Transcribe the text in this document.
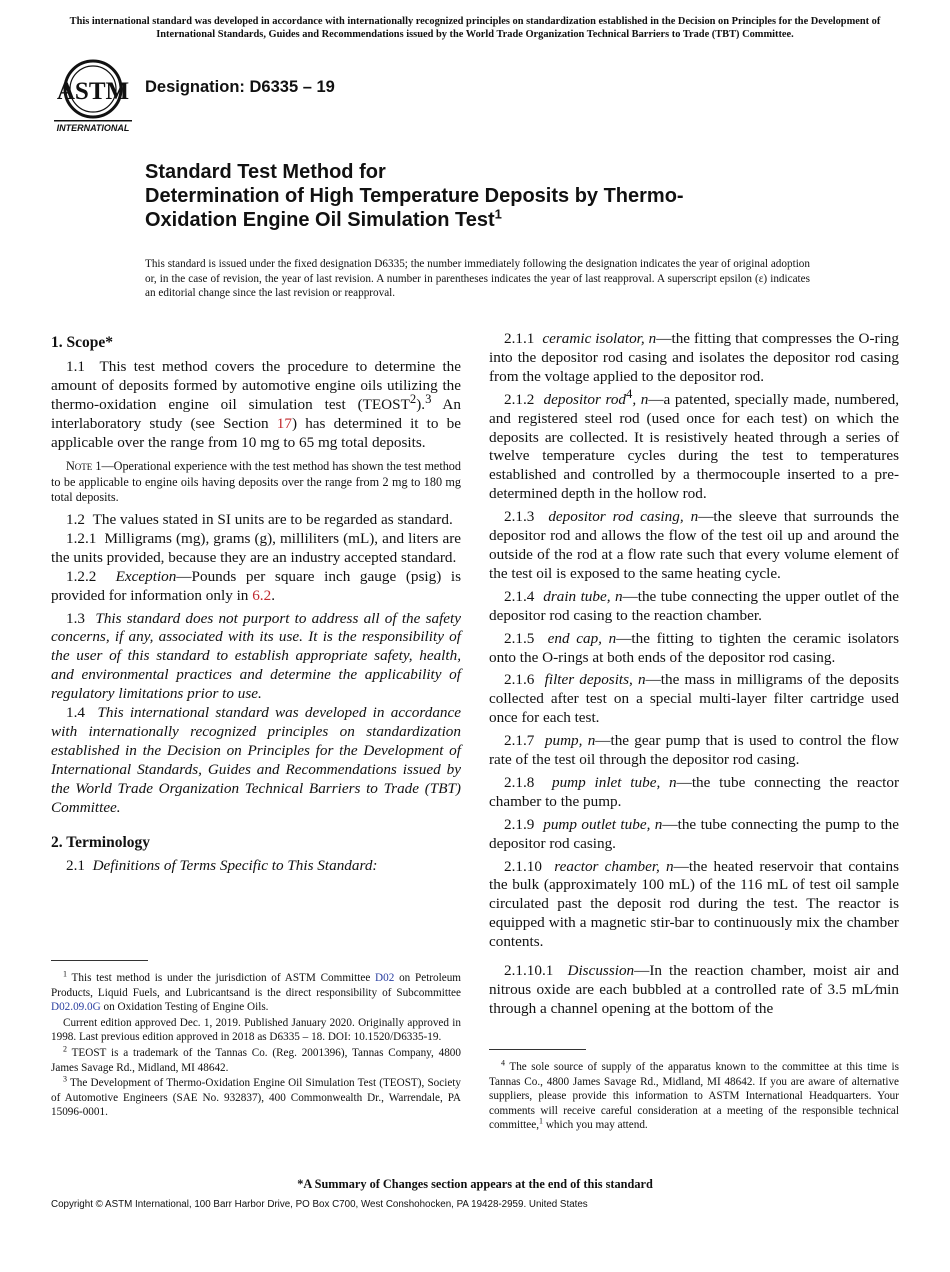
This international standard was developed in accordance with internationally recognized principles on standardization established in the Decision on Principles for the Development of International Standards, Guides and Recommendations issued by the World Trade Organization Technical Barriers to Trade (TBT) Committee.
ASTM
INTERNATIONAL
Designation: D6335 – 19
Standard Test Method for
Determination of High Temperature Deposits by Thermo-
Oxidation Engine Oil Simulation Test$^1$
This standard is issued under the fixed designation D6335; the number immediately following the designation indicates the year of original adoption or, in the case of revision, the year of last revision. A number in parentheses indicates the year of last reapproval. A superscript epsilon (ε) indicates an editorial change since the last revision or reapproval.
1. Scope*

1.1 This test method covers the procedure to determine the amount of deposits formed by automotive engine oils utilizing the thermo-oxidation engine oil simulation test (TEOST$^2$).$^3$ An interlaboratory study (see Section 17) has determined it to be applicable over the range from 10 mg to 65 mg total deposits.

Note 1—Operational experience with the test method has shown the test method to be applicable to engine oils having deposits over the range from 2 mg to 180 mg total deposits.

1.2 The values stated in SI units are to be regarded as standard.

1.2.1 Milligrams (mg), grams (g), milliliters (mL), and liters are the units provided, because they are an industry accepted standard.

1.2.2 Exception—Pounds per square inch gauge (psig) is provided for information only in 6.2.

1.3 This standard does not purport to address all of the safety concerns, if any, associated with its use. It is the responsibility of the user of this standard to establish appropriate safety, health, and environmental practices and determine the applicability of regulatory limitations prior to use.

1.4 This international standard was developed in accordance with internationally recognized principles on standardization established in the Decision on Principles for the Development of International Standards, Guides and Recommendations issued by the World Trade Organization Technical Barriers to Trade (TBT) Committee.

2. Terminology

2.1 Definitions of Terms Specific to This Standard:

2.1.1 ceramic isolator, n—the fitting that compresses the O-ring into the depositor rod casing and isolates the depositor rod casing from the voltage applied to the depositor rod.

2.1.2 depositor rod$^4$, n—a patented, specially made, numbered, and registered steel rod (used once for each test) on which the deposits are collected. It is resistively heated through a series of twelve temperature cycles during the test to temperatures established and controlled by a thermocouple inserted to a pre-determined depth in the hollow rod.

2.1.3 depositor rod casing, n—the sleeve that surrounds the depositor rod and allows the flow of the test oil up and around the outside of the rod at a flow rate such that every volume element of the test oil is exposed to the same heating cycle.

2.1.4 drain tube, n—the tube connecting the upper outlet of the depositor rod casing to the reaction chamber.

2.1.5 end cap, n—the fitting to tighten the ceramic isolators onto the O-rings at both ends of the depositor rod casing.

2.1.6 filter deposits, n—the mass in milligrams of the deposits collected after test on a special multi-layer filter cartridge used once for each test.

2.1.7 pump, n—the gear pump that is used to control the flow rate of the test oil through the depositor rod casing.

2.1.8 pump inlet tube, n—the tube connecting the reactor chamber to the pump.

2.1.9 pump outlet tube, n—the tube connecting the pump to the depositor rod casing.

2.1.10 reactor chamber, n—the heated reservoir that contains the bulk (approximately 100 mL) of the 116 mL of test oil sample circulated past the deposit rod during the test. The reactor is equipped with a magnetic stir-bar to continuously mix the chamber contents.

2.1.10.1 Discussion—In the reaction chamber, moist air and nitrous oxide are each bubbled at a controlled rate of 3.5 mL⁄min through a channel opening at the bottom of the

$^1$ This test method is under the jurisdiction of ASTM Committee D02 on Petroleum Products, Liquid Fuels, and Lubricantsand is the direct responsibility of Subcommittee D02.09.0G on Oxidation Testing of Engine Oils.

Current edition approved Dec. 1, 2019. Published January 2020. Originally approved in 1998. Last previous edition approved in 2018 as D6335 – 18. DOI: 10.1520/D6335-19.

$^2$ TEOST is a trademark of the Tannas Co. (Reg. 2001396), Tannas Company, 4800 James Savage Rd., Midland, MI 48642.

$^3$ The Development of Thermo-Oxidation Engine Oil Simulation Test (TEOST), Society of Automotive Engineers (SAE No. 932837), 400 Commonwealth Dr., Warrendale, PA 15096-0001.

$^4$ The sole source of supply of the apparatus known to the committee at this time is Tannas Co., 4800 James Savage Rd., Midland, MI 48642. If you are aware of alternative suppliers, please provide this information to ASTM International Headquarters. Your comments will receive careful consideration at a meeting of the responsible technical committee,$^1$ which you may attend.

*A Summary of Changes section appears at the end of this standard
Copyright © ASTM International, 100 Barr Harbor Drive, PO Box C700, West Conshohocken, PA 19428-2959. United States
